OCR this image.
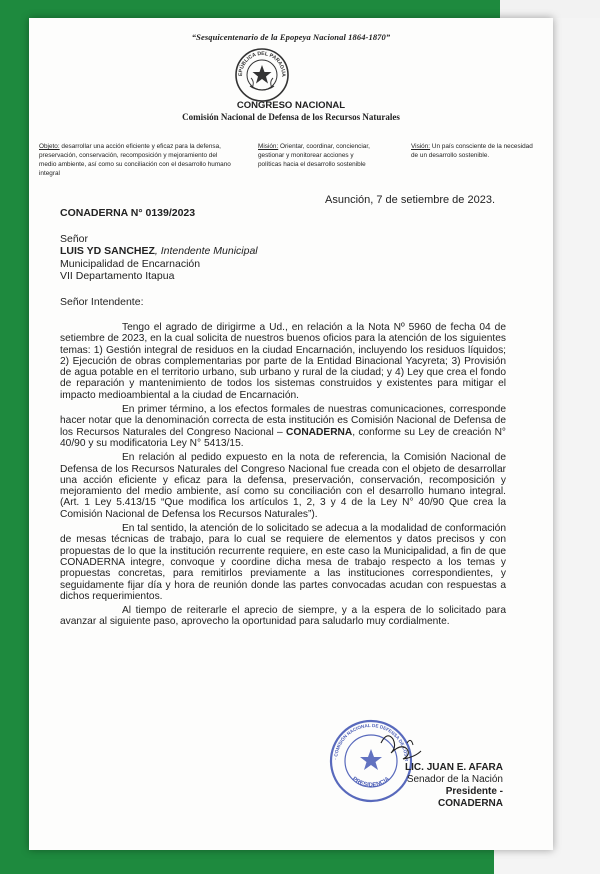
“Sesquicentenario de la Epopeya Nacional 1864-1870”
EPÚBLICA DEL PARAGUA
CONGRESO NACIONAL
Comisión Nacional de Defensa de los Recursos Naturales
Objeto: desarrollar una acción eficiente y eficaz para la defensa, preservación, conservación, recomposición y mejoramiento del medio ambiente, así como su conciliación con el desarrollo humano integral
Misión: Orientar, coordinar, concienciar, gestionar y monitorear acciones y políticas hacia el desarrollo sostenible
Visión: Un país consciente de la necesidad de un desarrollo sostenible.
Asunción, 7 de setiembre de 2023.
CONADERNA N° 0139/2023
Señor
LUIS YD SANCHEZ, Intendente Municipal
Municipalidad de Encarnación
VII Departamento Itapua
Señor Intendente:

Tengo el agrado de dirigirme a Ud., en relación a la Nota Nº 5960 de fecha 04 de setiembre de 2023, en la cual solicita de nuestros buenos oficios para la atención de los siguientes temas: 1) Gestión integral de residuos en la ciudad Encarnación, incluyendo los residuos líquidos; 2) Ejecución de obras complementarias por parte de la Entidad Binacional Yacyreta; 3) Provisión de agua potable en el territorio urbano, sub urbano y rural de la ciudad; y 4) Ley que crea el fondo de reparación y mantenimiento de todos los sistemas construidos y existentes para mitigar el impacto medioambiental a la ciudad de Encarnación.

En primer término, a los efectos formales de nuestras comunicaciones, corresponde hacer notar que la denominación correcta de esta institución es Comisión Nacional de Defensa de los Recursos Naturales del Congreso Nacional – CONADERNA, conforme su Ley de creación N° 40/90 y su modificatoria Ley N° 5413/15.

En relación al pedido expuesto en la nota de referencia, la Comisión Nacional de Defensa de los Recursos Naturales del Congreso Nacional fue creada con el objeto de desarrollar una acción eficiente y eficaz para la defensa, preservación, conservación, recomposición y mejoramiento del medio ambiente, así como su conciliación con el desarrollo humano integral. (Art. 1 Ley 5.413/15 “Que modifica los artículos 1, 2, 3 y 4 de la Ley N° 40/90 Que crea la Comisión Nacional de Defensa los Recursos Naturales”).

En tal sentido, la atención de lo solicitado se adecua a la modalidad de conformación de mesas técnicas de trabajo, para lo cual se requiere de elementos y datos precisos y con propuestas de lo que la institución recurrente requiere, en este caso la Municipalidad, a fin de que CONADERNA integre, convoque y coordine dicha mesa de trabajo respecto a los temas y propuestas concretas, para remitirlos previamente a las instituciones correspondientes, y seguidamente fijar día y hora de reunión donde las partes convocadas acudan con respuestas a dichos requerimientos.

Al tiempo de reiterarle el aprecio de siempre, y a la espera de lo solicitado para avanzar al siguiente paso, aprovecho la oportunidad para saludarlo muy cordialmente.

· COMISIÓN NACIONAL DE DEFENSA DE LOS R
PRESIDENCIA
LIC. JUAN E. AFARA
Senador de la Nación
Presidente - CONADERNA
